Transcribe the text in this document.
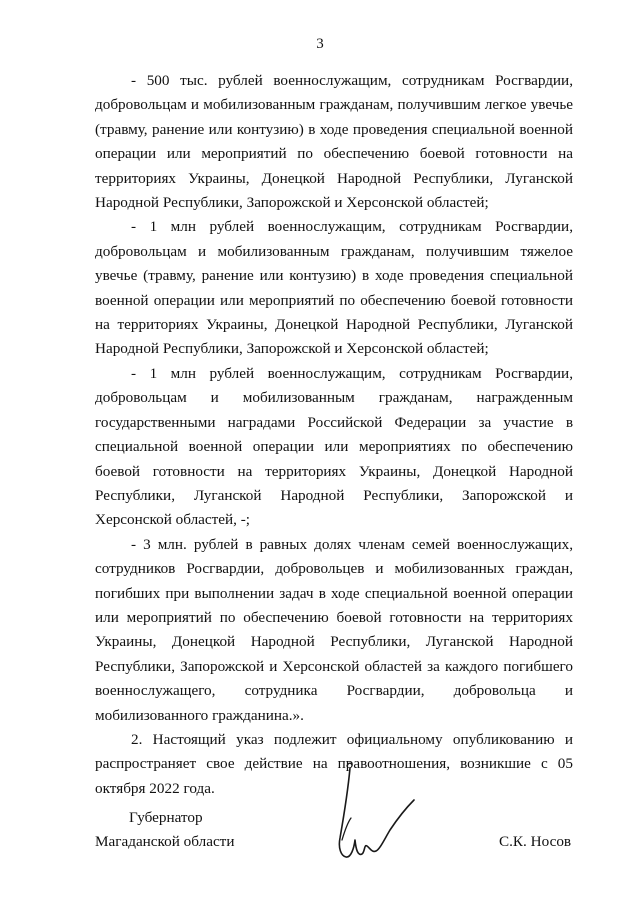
3

- 500 тыс. рублей военнослужащим, сотрудникам Росгвардии, добровольцам и мобилизованным гражданам, получившим легкое увечье (травму, ранение или контузию) в ходе проведения специальной военной операции или мероприятий по обеспечению боевой готовности на территориях Украины, Донецкой Народной Республики, Луганской Народной Республики, Запорожской и Херсонской областей;

- 1 млн рублей военнослужащим, сотрудникам Росгвардии, добровольцам и мобилизованным гражданам, получившим тяжелое увечье (травму, ранение или контузию) в ходе проведения специальной военной операции или мероприятий по обеспечению боевой готовности на территориях Украины, Донецкой Народной Республики, Луганской Народной Республики, Запорожской и Херсонской областей;

- 1 млн рублей военнослужащим, сотрудникам Росгвардии, добровольцам и мобилизованным гражданам, награжденным государственными наградами Российской Федерации за участие в специальной военной операции или мероприятиях по обеспечению боевой готовности на территориях Украины, Донецкой Народной Республики, Луганской Народной Республики, Запорожской и Херсонской областей, -;

- 3 млн. рублей в равных долях членам семей военнослужащих, сотрудников Росгвардии, добровольцев и мобилизованных граждан, погибших при выполнении задач в ходе специальной военной операции или мероприятий по обеспечению боевой готовности на территориях Украины, Донецкой Народной Республики, Луганской Народной Республики, Запорожской и Херсонской областей за каждого погибшего военнослужащего, сотрудника Росгвардии, добровольца и мобилизованного гражданина.».

2. Настоящий указ подлежит официальному опубликованию и распространяет свое действие на правоотношения, возникшие с 05 октября 2022 года.

Губернатор
Магаданской области	С.К. Носов
